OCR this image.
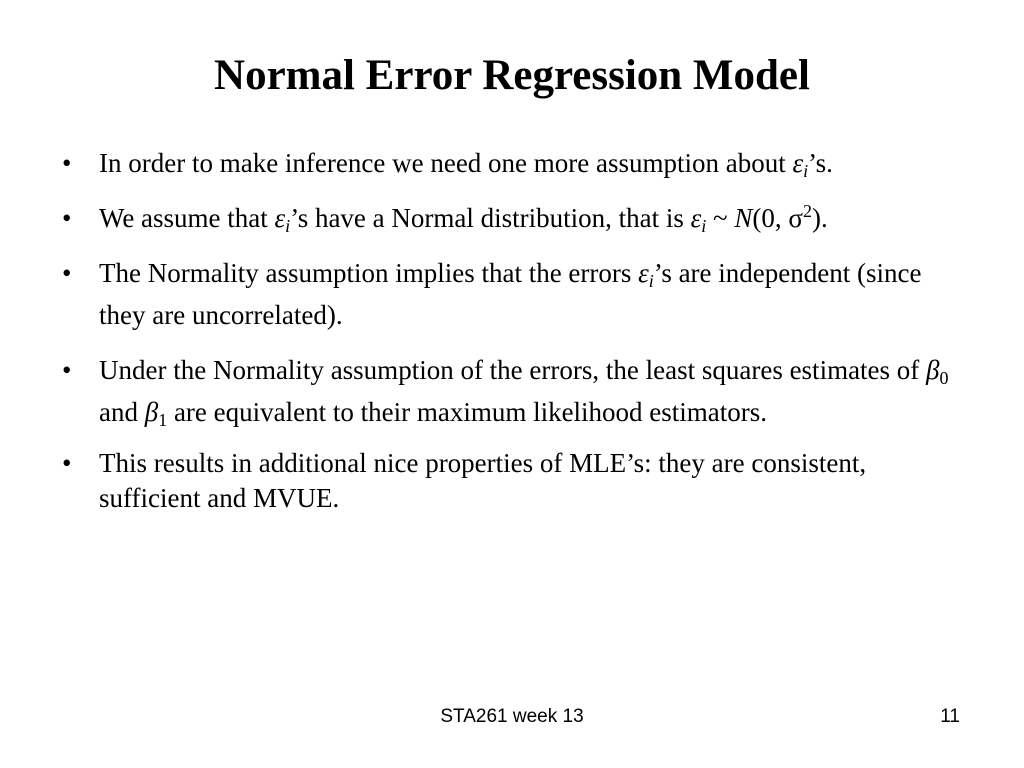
Normal Error Regression Model
• In order to make inference we need one more assumption about $\varepsilon_i’s$.
• We assume that $\varepsilon_i’s$ have a Normal distribution, that is $\varepsilon_i$ ~ N(0, $\sigma^2$).
• The Normality assumption implies that the errors $\varepsilon_i’s$ are independent (since they are uncorrelated).
• Under the Normality assumption of the errors, the least squares estimates of $\beta_0$ and $\beta_1$ are equivalent to their maximum likelihood estimators.
• This results in additional nice properties of MLE’s: they are consistent, sufficient and MVUE.
STA261 week 13	11
